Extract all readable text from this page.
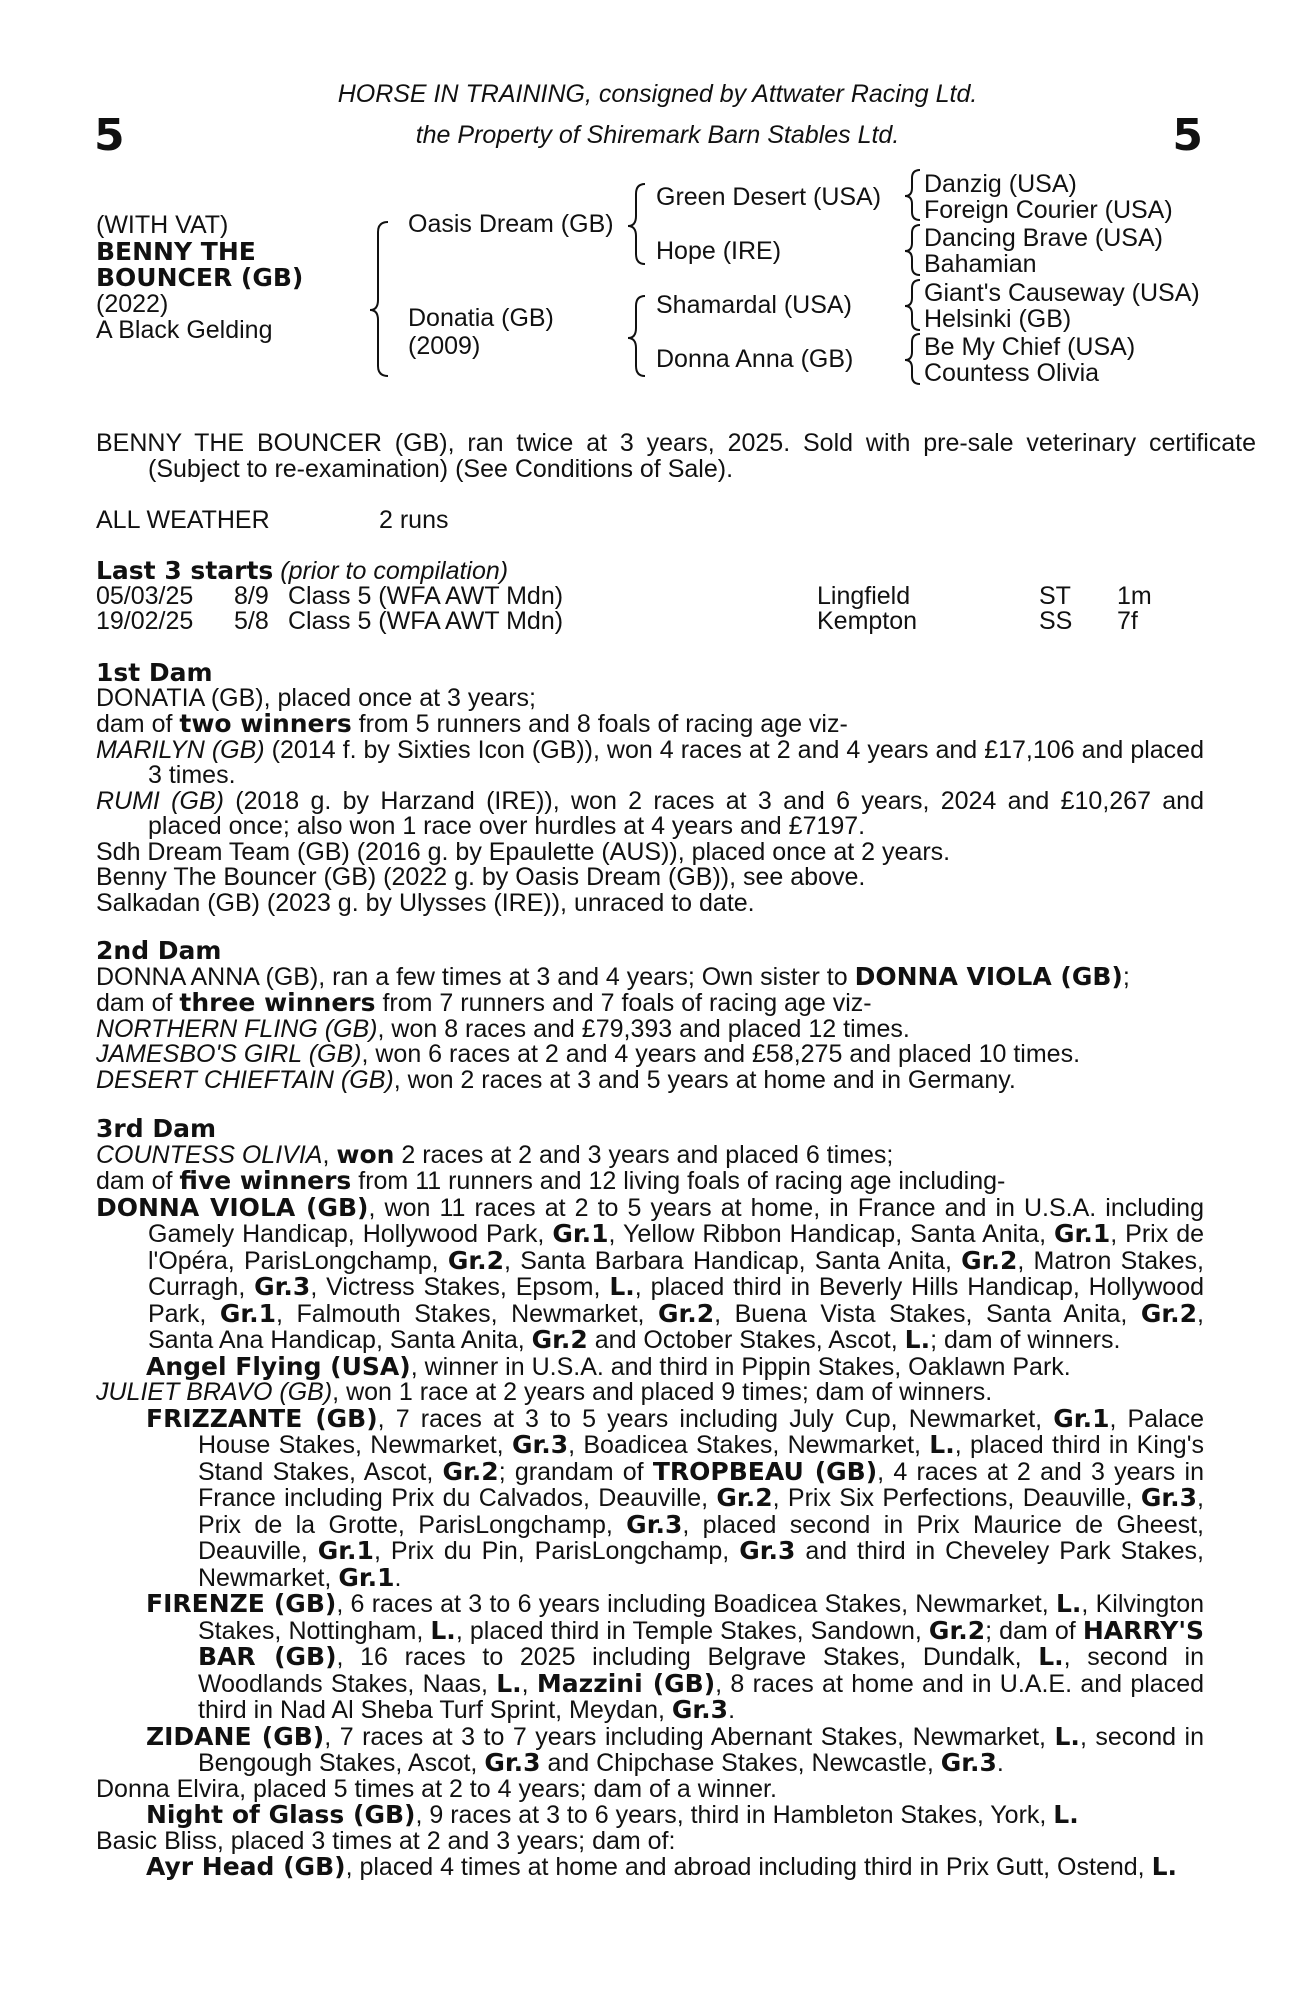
5	5
HORSE IN TRAINING, consigned by Attwater Racing Ltd.
the Property of Shiremark Barn Stables Ltd.
(WITH VAT)
BENNY THE
BOUNCER (GB)
(2022)
A Black Gelding
Oasis Dream (GB)
Donatia (GB)
(2009)
Green Desert (USA)
Hope (IRE)
Shamardal (USA)
Donna Anna (GB)
Danzig (USA)
Foreign Courier (USA)
Dancing Brave (USA)
Bahamian
Giant's Causeway (USA)
Helsinki (GB)
Be My Chief (USA)
Countess Olivia
BENNY THE BOUNCER (GB), ran twice at 3 years, 2025. Sold with pre-sale veterinary certificate (Subject to re-examination) (See Conditions of Sale).
ALL WEATHER	2 runs
Last 3 starts (prior to compilation)
05/03/25 8/9 Class 5 (WFA AWT Mdn)	Lingfield	ST 1m
19/02/25 5/8 Class 5 (WFA AWT Mdn)	Kempton	SS 7f
1st Dam
DONATIA (GB), placed once at 3 years;
dam of two winners from 5 runners and 8 foals of racing age viz-
MARILYN (GB) (2014 f. by Sixties Icon (GB)), won 4 races at 2 and 4 years and £17,106 and placed 3 times.
RUMI (GB) (2018 g. by Harzand (IRE)), won 2 races at 3 and 6 years, 2024 and £10,267 and placed once; also won 1 race over hurdles at 4 years and £7197.
Sdh Dream Team (GB) (2016 g. by Epaulette (AUS)), placed once at 2 years.
Benny The Bouncer (GB) (2022 g. by Oasis Dream (GB)), see above.
Salkadan (GB) (2023 g. by Ulysses (IRE)), unraced to date.
2nd Dam
DONNA ANNA (GB), ran a few times at 3 and 4 years; Own sister to DONNA VIOLA (GB);
dam of three winners from 7 runners and 7 foals of racing age viz-
NORTHERN FLING (GB), won 8 races and £79,393 and placed 12 times.
JAMESBO'S GIRL (GB), won 6 races at 2 and 4 years and £58,275 and placed 10 times.
DESERT CHIEFTAIN (GB), won 2 races at 3 and 5 years at home and in Germany.
3rd Dam
COUNTESS OLIVIA, won 2 races at 2 and 3 years and placed 6 times;
dam of five winners from 11 runners and 12 living foals of racing age including-
DONNA VIOLA (GB), won 11 races at 2 to 5 years at home, in France and in U.S.A. including Gamely Handicap, Hollywood Park, Gr.1, Yellow Ribbon Handicap, Santa Anita, Gr.1, Prix de l'Opéra, ParisLongchamp, Gr.2, Santa Barbara Handicap, Santa Anita, Gr.2, Matron Stakes, Curragh, Gr.3, Victress Stakes, Epsom, L., placed third in Beverly Hills Handicap, Hollywood Park, Gr.1, Falmouth Stakes, Newmarket, Gr.2, Buena Vista Stakes, Santa Anita, Gr.2, Santa Ana Handicap, Santa Anita, Gr.2 and October Stakes, Ascot, L.; dam of winners.
Angel Flying (USA), winner in U.S.A. and third in Pippin Stakes, Oaklawn Park.
JULIET BRAVO (GB), won 1 race at 2 years and placed 9 times; dam of winners.
FRIZZANTE (GB), 7 races at 3 to 5 years including July Cup, Newmarket, Gr.1, Palace House Stakes, Newmarket, Gr.3, Boadicea Stakes, Newmarket, L., placed third in King's Stand Stakes, Ascot, Gr.2; grandam of TROPBEAU (GB), 4 races at 2 and 3 years in France including Prix du Calvados, Deauville, Gr.2, Prix Six Perfections, Deauville, Gr.3, Prix de la Grotte, ParisLongchamp, Gr.3, placed second in Prix Maurice de Gheest, Deauville, Gr.1, Prix du Pin, ParisLongchamp, Gr.3 and third in Cheveley Park Stakes, Newmarket, Gr.1.
FIRENZE (GB), 6 races at 3 to 6 years including Boadicea Stakes, Newmarket, L., Kilvington Stakes, Nottingham, L., placed third in Temple Stakes, Sandown, Gr.2; dam of HARRY'S BAR (GB), 16 races to 2025 including Belgrave Stakes, Dundalk, L., second in Woodlands Stakes, Naas, L., Mazzini (GB), 8 races at home and in U.A.E. and placed third in Nad Al Sheba Turf Sprint, Meydan, Gr.3.
ZIDANE (GB), 7 races at 3 to 7 years including Abernant Stakes, Newmarket, L., second in Bengough Stakes, Ascot, Gr.3 and Chipchase Stakes, Newcastle, Gr.3.
Donna Elvira, placed 5 times at 2 to 4 years; dam of a winner.
Night of Glass (GB), 9 races at 3 to 6 years, third in Hambleton Stakes, York, L.
Basic Bliss, placed 3 times at 2 and 3 years; dam of:
Ayr Head (GB), placed 4 times at home and abroad including third in Prix Gutt, Ostend, L.
